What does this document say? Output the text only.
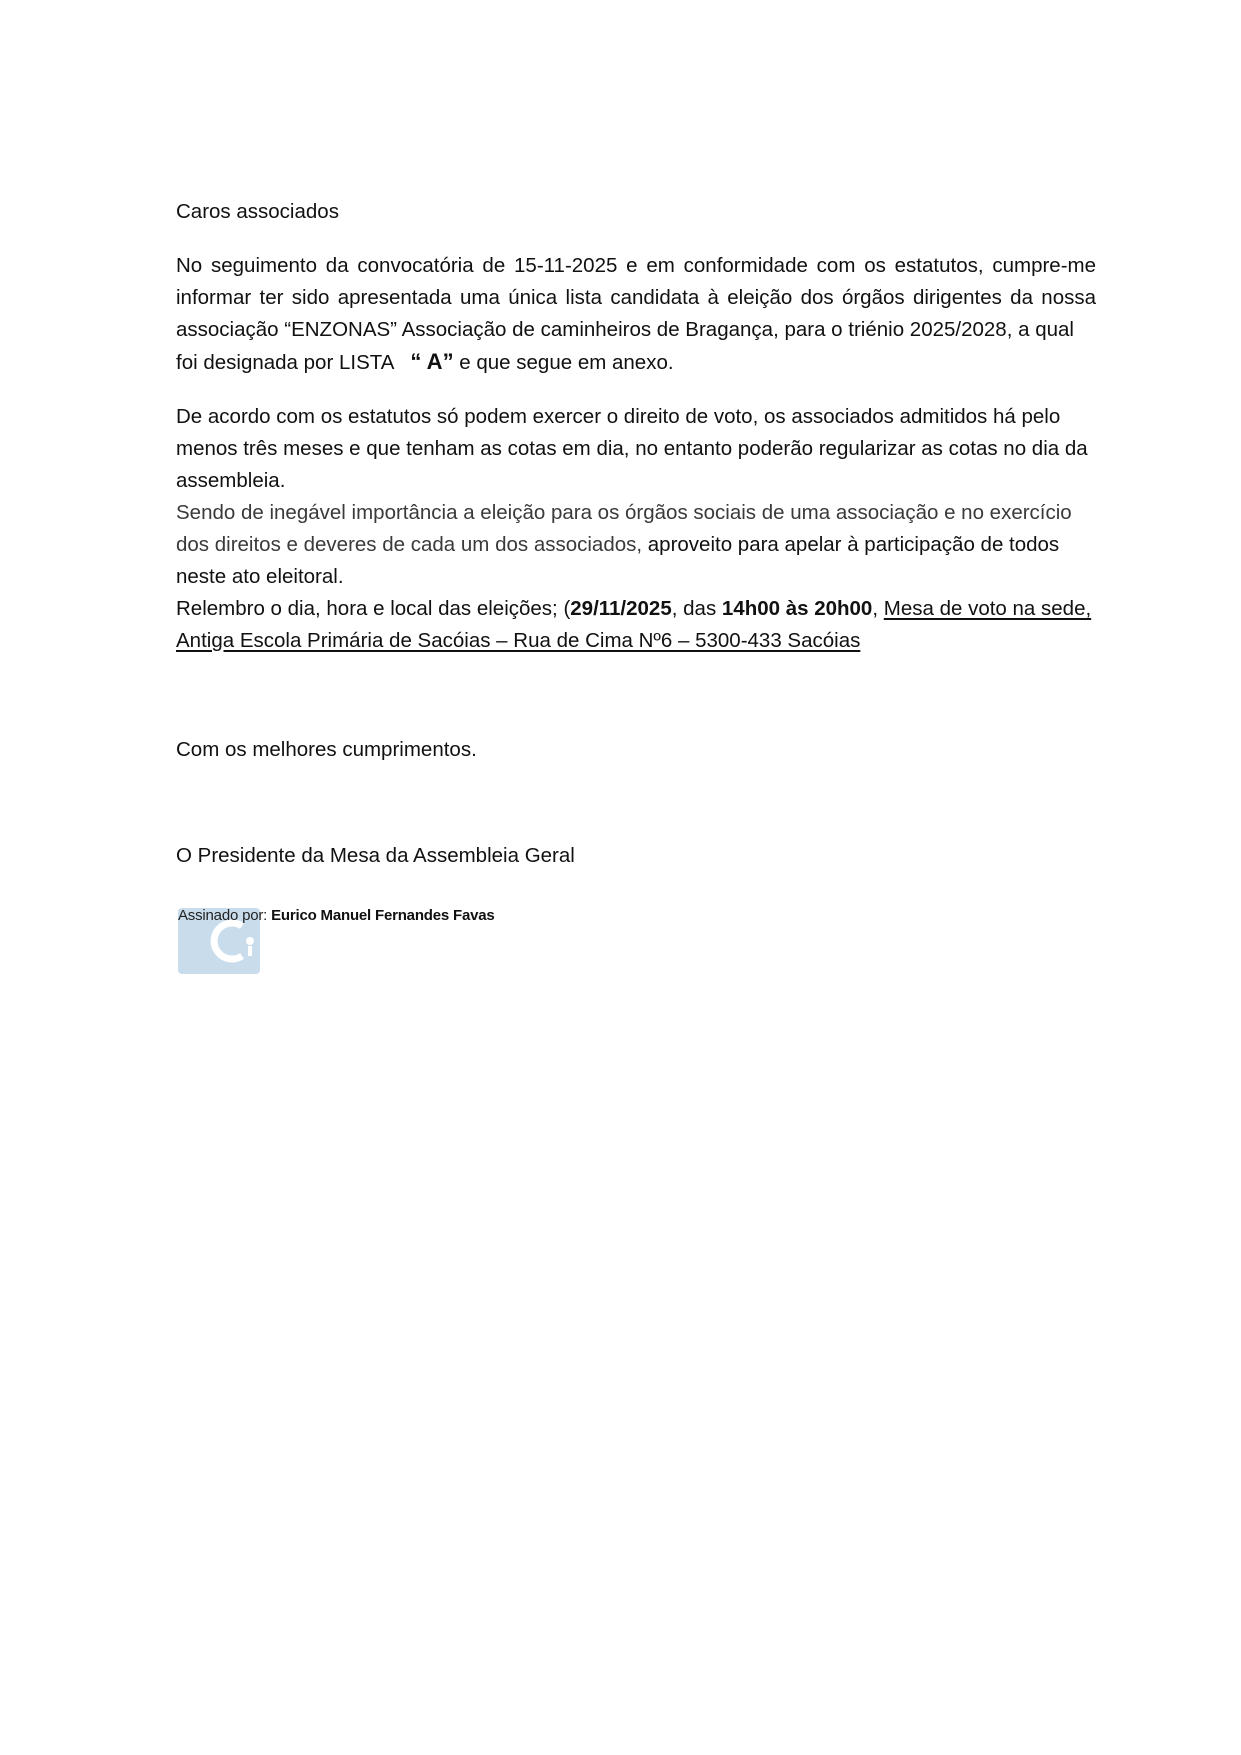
Caros associados

No seguimento da convocatória de 15-11-2025 e em conformidade com os estatutos, cumpre-me informar ter sido apresentada uma única lista candidata à eleição dos órgãos dirigentes da nossa associação “ENZONAS” Associação de caminheiros de Bragança, para o triénio 2025/2028, a qual
foi designada por LISTA   “ A” e que segue em anexo.

De acordo com os estatutos só podem exercer o direito de voto, os associados admitidos há pelo menos três meses e que tenham as cotas em dia, no entanto poderão regularizar as cotas no dia da assembleia.

Sendo de inegável importância a eleição para os órgãos sociais de uma associação e no exercício dos direitos e deveres de cada um dos associados, aproveito para apelar à participação de todos neste ato eleitoral.

Relembro o dia, hora e local das eleições; (29/11/2025, das 14h00 às 20h00, Mesa de voto na sede, Antiga Escola Primária de Sacóias – Rua de Cima Nº6 – 5300-433 Sacóias

Com os melhores cumprimentos.

O Presidente da Mesa da Assembleia Geral

Assinado por: Eurico Manuel Fernandes Favas
